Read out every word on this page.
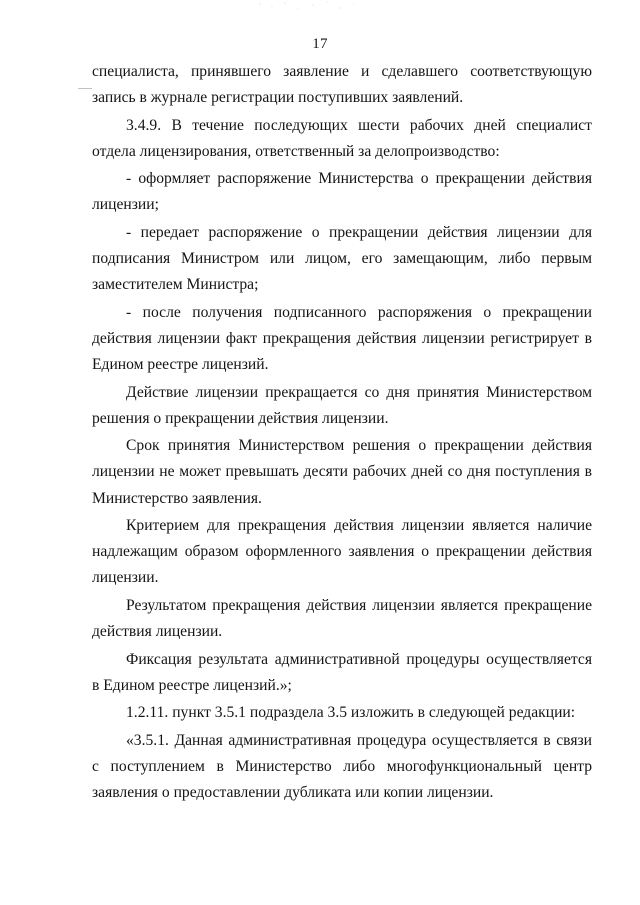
17

специалиста, принявшего заявление и сделавшего соответствующую запись в журнале регистрации поступивших заявлений.

3.4.9. В течение последующих шести рабочих дней специалист отдела лицензирования, ответственный за делопроизводство:

- оформляет распоряжение Министерства о прекращении действия лицензии;

- передает распоряжение о прекращении действия лицензии для подписания Министром или лицом, его замещающим, либо первым заместителем Министра;

- после получения подписанного распоряжения о прекращении действия лицензии факт прекращения действия лицензии регистрирует в Едином реестре лицензий.

Действие лицензии прекращается со дня принятия Министерством решения о прекращении действия лицензии.

Срок принятия Министерством решения о прекращении действия лицензии не может превышать десяти рабочих дней со дня поступления в Министерство заявления.

Критерием для прекращения действия лицензии является наличие надлежащим образом оформленного заявления о прекращении действия лицензии.

Результатом прекращения действия лицензии является прекращение действия лицензии.

Фиксация результата административной процедуры осуществляется в Едином реестре лицензий.»;

1.2.11. пункт 3.5.1 подраздела 3.5 изложить в следующей редакции:

«3.5.1. Данная административная процедура осуществляется в связи с поступлением в Министерство либо многофункциональный центр заявления о предоставлении дубликата или копии лицензии.
